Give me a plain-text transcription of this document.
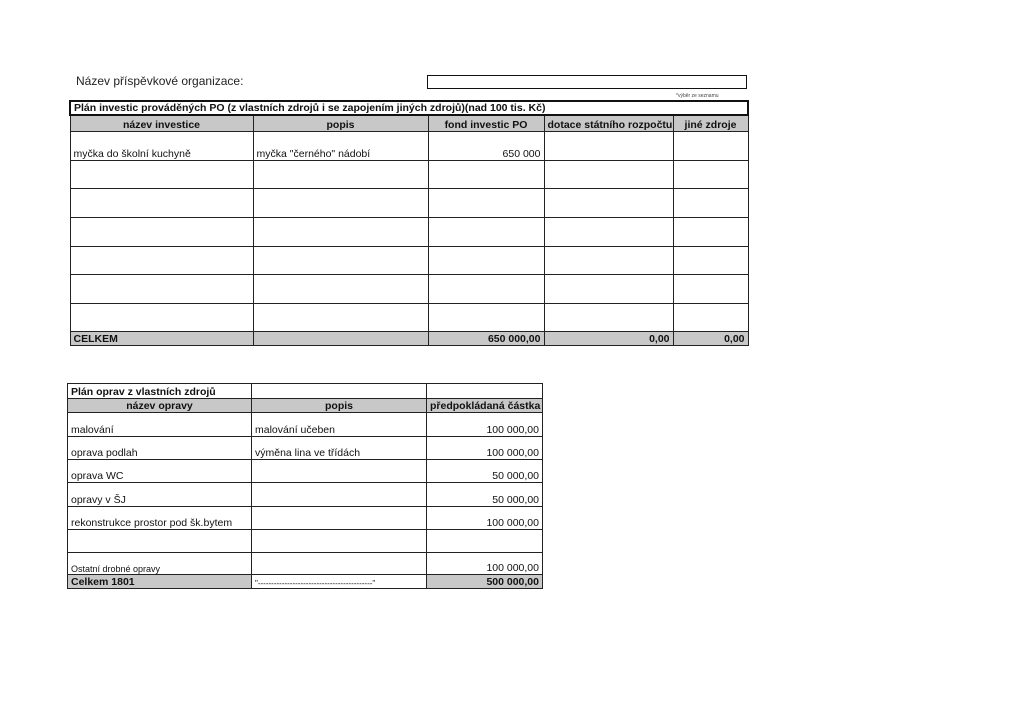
Název příspěvkové organizace:
*výběr ze seznamu
Plán investic prováděných PO (z vlastních zdrojů i se zapojením jiných zdrojů)(nad 100 tis. Kč)				
název investice	popis	fond investic PO	dotace státního rozpočtu	jiné zdroje
myčka do školní kuchyně	myčka "černého" nádobí	650 000		

CELKEM		650 000,00	0,00	0,00
Plán oprav z vlastních zdrojů		
název opravy	popis	předpokládaná částka
malování	malování učeben	100 000,00
oprava podlah	výměna lina ve třídách	100 000,00
oprava WC		50 000,00
opravy v ŠJ		50 000,00
rekonstrukce prostor pod šk.bytem		100 000,00

Ostatní drobné opravy		100 000,00
Celkem 1801	"-------------------------------------------"	500 000,00
